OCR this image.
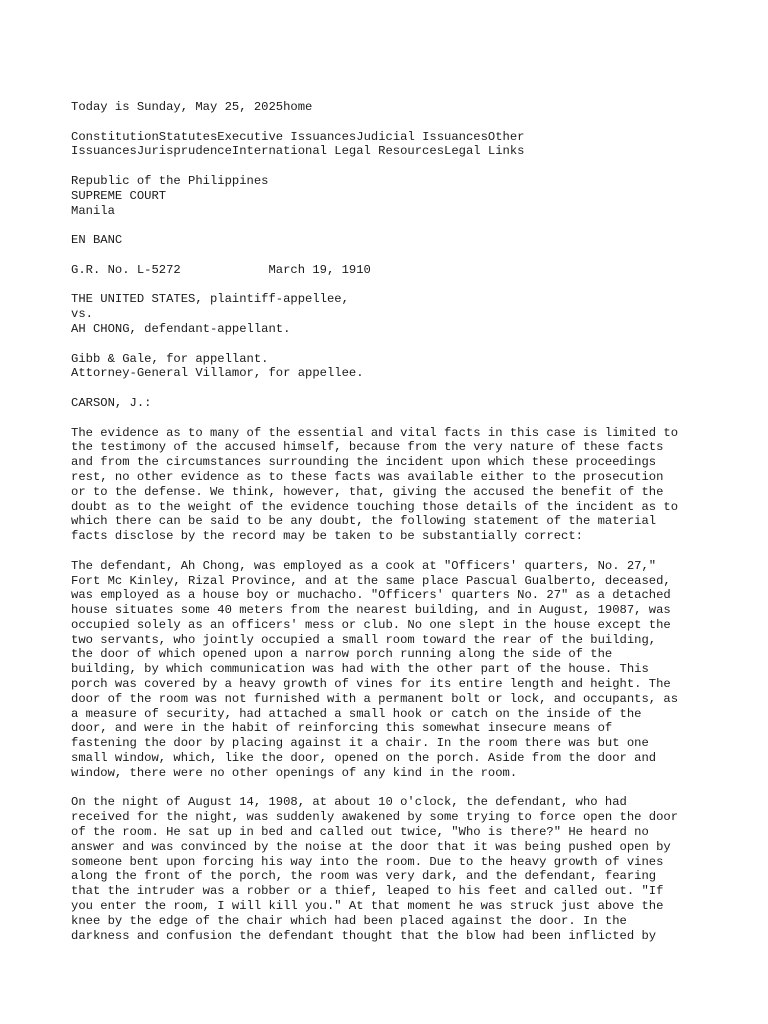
Today is Sunday, May 25, 2025home
ConstitutionStatutesExecutive IssuancesJudicial IssuancesOther
IssuancesJurisprudenceInternational Legal ResourcesLegal Links
Republic of the Philippines
SUPREME COURT
Manila
EN BANC
G.R. No. L-5272            March 19, 1910
THE UNITED STATES, plaintiff-appellee,
vs.
AH CHONG, defendant-appellant.
Gibb & Gale, for appellant.
Attorney-General Villamor, for appellee.
CARSON, J.:
The evidence as to many of the essential and vital facts in this case is limited to
the testimony of the accused himself, because from the very nature of these facts
and from the circumstances surrounding the incident upon which these proceedings
rest, no other evidence as to these facts was available either to the prosecution
or to the defense. We think, however, that, giving the accused the benefit of the
doubt as to the weight of the evidence touching those details of the incident as to
which there can be said to be any doubt, the following statement of the material
facts disclose by the record may be taken to be substantially correct:
The defendant, Ah Chong, was employed as a cook at "Officers' quarters, No. 27,"
Fort Mc Kinley, Rizal Province, and at the same place Pascual Gualberto, deceased,
was employed as a house boy or muchacho. "Officers' quarters No. 27" as a detached
house situates some 40 meters from the nearest building, and in August, 19087, was
occupied solely as an officers' mess or club. No one slept in the house except the
two servants, who jointly occupied a small room toward the rear of the building,
the door of which opened upon a narrow porch running along the side of the
building, by which communication was had with the other part of the house. This
porch was covered by a heavy growth of vines for its entire length and height. The
door of the room was not furnished with a permanent bolt or lock, and occupants, as
a measure of security, had attached a small hook or catch on the inside of the
door, and were in the habit of reinforcing this somewhat insecure means of
fastening the door by placing against it a chair. In the room there was but one
small window, which, like the door, opened on the porch. Aside from the door and
window, there were no other openings of any kind in the room.
On the night of August 14, 1908, at about 10 o'clock, the defendant, who had
received for the night, was suddenly awakened by some trying to force open the door
of the room. He sat up in bed and called out twice, "Who is there?" He heard no
answer and was convinced by the noise at the door that it was being pushed open by
someone bent upon forcing his way into the room. Due to the heavy growth of vines
along the front of the porch, the room was very dark, and the defendant, fearing
that the intruder was a robber or a thief, leaped to his feet and called out. "If
you enter the room, I will kill you." At that moment he was struck just above the
knee by the edge of the chair which had been placed against the door. In the
darkness and confusion the defendant thought that the blow had been inflicted by
